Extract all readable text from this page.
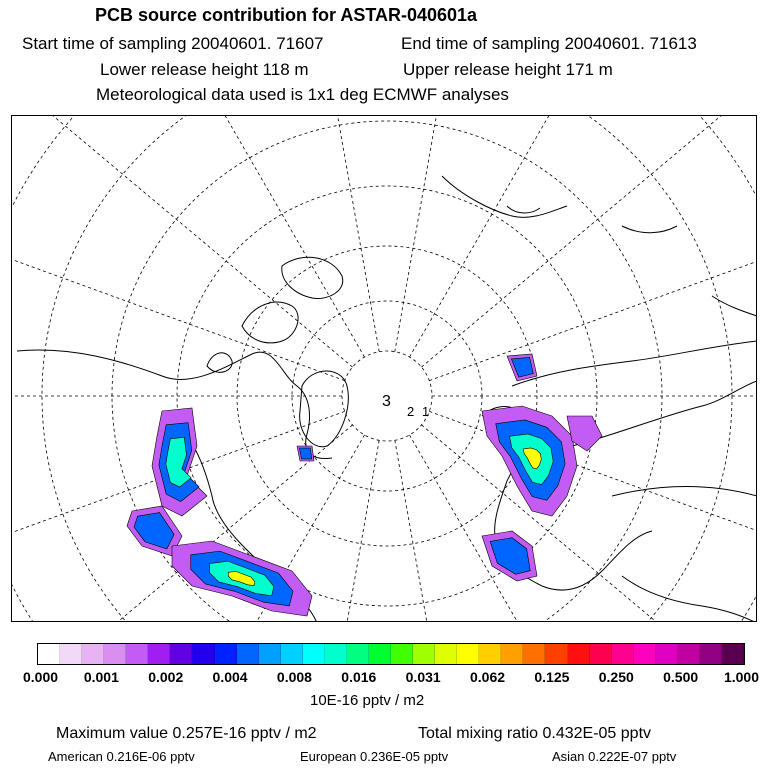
PCB source contribution for ASTAR-040601a
Start time of sampling 20040601. 71607	End time of sampling 20040601. 71613
Lower release height 118 m	Upper release height 171 m
Meteorological data used is 1x1 deg ECMWF analyses
3
2 1
0.000 0.001 0.002 0.004 0.008 0.016 0.031 0.062 0.125 0.250 0.500 1.000
10E-16 pptv / m2
Maximum value 0.257E-16 pptv / m2	Total mixing ratio 0.432E-05 pptv
American 0.216E-06 pptv	European 0.236E-05 pptv	Asian 0.222E-07 pptv
